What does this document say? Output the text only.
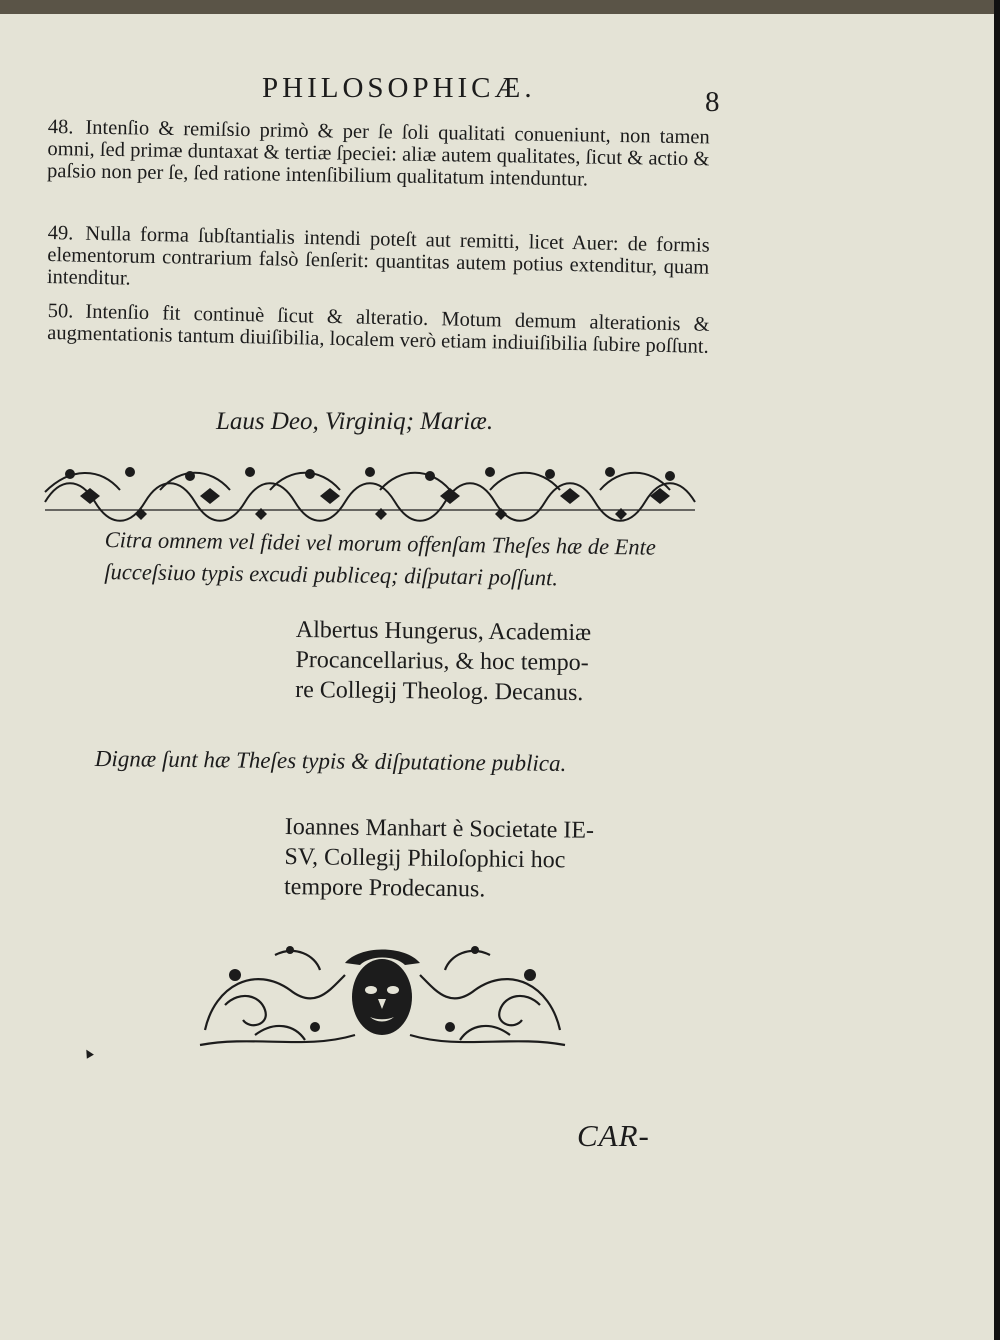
PHILOSOPHICÆ.	8
48. Intenſio & remiſsio primò & per ſe ſoli qualitati conueniunt, non tamen omni, ſed primæ duntaxat & tertiæ ſpeciei: aliæ autem qualitates, ſicut & actio & paſsio non per ſe, ſed ratione intenſibilium qualitatum intenduntur.
49. Nulla forma ſubſtantialis intendi poteſt aut remitti, licet Auer: de formis elementorum contrarium falsò ſenſerit: quantitas autem potius extenditur, quam intenditur.
50. Intenſio fit continuè ſicut & alteratio. Motum demum alterationis & augmentationis tantum diuiſibilia, localem verò etiam indiuiſibilia ſubire poſſunt.
Laus Deo, Virginiq; Mariæ.
Citra omnem vel fidei vel morum offenſam Theſes hæ de Ente ſucceſsiuo typis excudi publiceq; diſputari poſſunt.
Albertus Hungerus, Academiæ
Procancellarius, & hoc tempo-
re Collegij Theolog. Decanus.
Dignæ ſunt hæ Theſes typis & diſputatione publica.
Ioannes Manhart è Societate IE-
SV, Collegij Philoſophici hoc
tempore Prodecanus.
▲
CAR-
